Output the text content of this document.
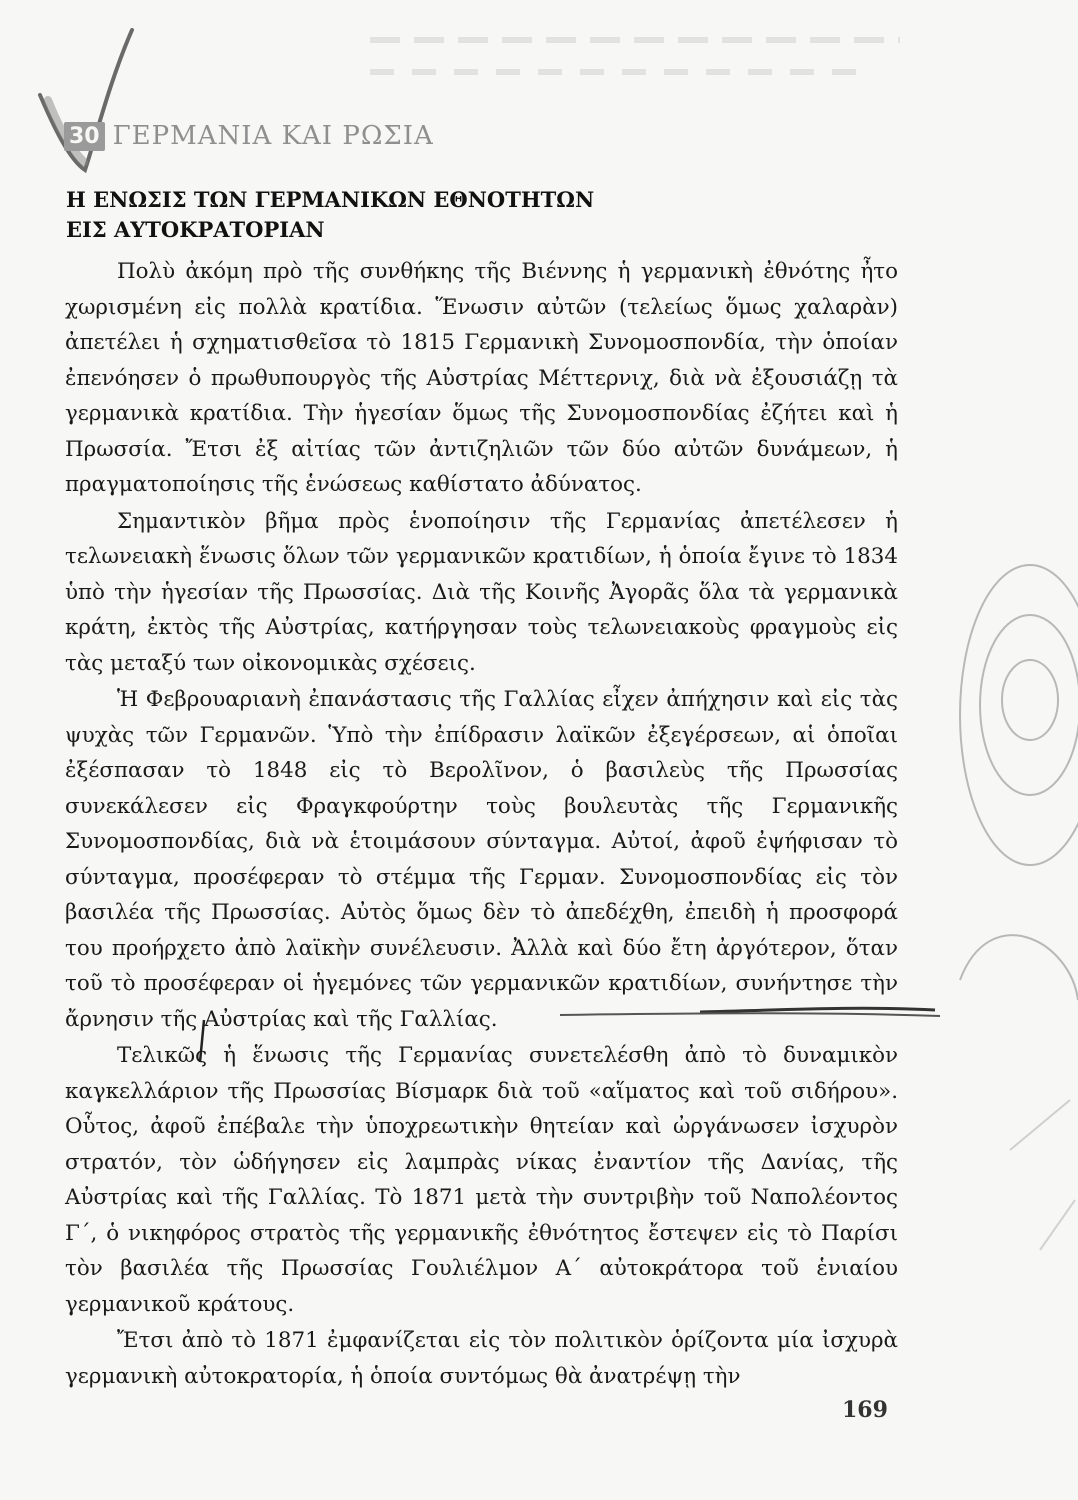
30 ΓΕΡΜΑΝΙΑ ΚΑΙ ΡΩΣΙΑ
Η ΕΝΩΣΙΣ ΤΩΝ ΓΕΡΜΑΝΙΚΩΝ ΕΘΝΟΤΗΤΩΝ
ΕΙΣ ΑΥΤΟΚΡΑΤΟΡΙΑΝ

Πολὺ ἀκόμη πρὸ τῆς συνθήκης τῆς Βιέννης ἡ γερμανικὴ ἐθνότης ἦτο χωρισμένη εἰς πολλὰ κρατίδια. Ἕνωσιν αὐτῶν (τελείως ὅμως χαλαρὰν) ἀπετέλει ἡ σχηματισθεῖσα τὸ 1815 Γερμανικὴ Συνομοσπονδία, τὴν ὁποίαν ἐπενόησεν ὁ πρωθυπουργὸς τῆς Αὐστρίας Μέττερνιχ, διὰ νὰ ἐξουσιάζῃ τὰ γερμανικὰ κρατίδια. Τὴν ἡγεσίαν ὅμως τῆς Συνομοσπονδίας ἐζήτει καὶ ἡ Πρωσσία. Ἔτσι ἐξ αἰτίας τῶν ἀντιζηλιῶν τῶν δύο αὐτῶν δυνάμεων, ἡ πραγματοποίησις τῆς ἑνώσεως καθίστατο ἀδύνατος.

Σημαντικὸν βῆμα πρὸς ἑνοποίησιν τῆς Γερμανίας ἀπετέλεσεν ἡ τελωνειακὴ ἕνωσις ὅλων τῶν γερμανικῶν κρατιδίων, ἡ ὁποία ἔγινε τὸ 1834 ὑπὸ τὴν ἡγεσίαν τῆς Πρωσσίας. Διὰ τῆς Κοινῆς Ἀγορᾶς ὅλα τὰ γερμανικὰ κράτη, ἐκτὸς τῆς Αὐστρίας, κατήργησαν τοὺς τελωνειακοὺς φραγμοὺς εἰς τὰς μεταξύ των οἰκονομικὰς σχέσεις.

Ἡ Φεβρουαριανὴ ἐπανάστασις τῆς Γαλλίας εἶχεν ἀπήχησιν καὶ εἰς τὰς ψυχὰς τῶν Γερμανῶν. Ὑπὸ τὴν ἐπίδρασιν λαϊκῶν ἐξεγέρσεων, αἱ ὁποῖαι ἐξέσπασαν τὸ 1848 εἰς τὸ Βερολῖνον, ὁ βασιλεὺς τῆς Πρωσσίας συνεκάλεσεν εἰς Φραγκφούρτην τοὺς βουλευτὰς τῆς Γερμανικῆς Συνομοσπονδίας, διὰ νὰ ἑτοιμάσουν σύνταγμα. Αὐτοί, ἀφοῦ ἐψήφισαν τὸ σύνταγμα, προσέφεραν τὸ στέμμα τῆς Γερμαν. Συνομοσπονδίας εἰς τὸν βασιλέα τῆς Πρωσσίας. Αὐτὸς ὅμως δὲν τὸ ἀπεδέχθη, ἐπειδὴ ἡ προσφορά του προήρχετο ἀπὸ λαϊκὴν συνέλευσιν. Ἀλλὰ καὶ δύο ἔτη ἀργότερον, ὅταν τοῦ τὸ προσέφεραν οἱ ἡγεμόνες τῶν γερμανικῶν κρατιδίων, συνήντησε τὴν ἄρνησιν τῆς Αὐστρίας καὶ τῆς Γαλλίας.

Τελικῶς ἡ ἕνωσις τῆς Γερμανίας συνετελέσθη ἀπὸ τὸ δυναμικὸν καγκελλάριον τῆς Πρωσσίας Βίσμαρκ διὰ τοῦ «αἵματος καὶ τοῦ σιδήρου». Οὗτος, ἀφοῦ ἐπέβαλε τὴν ὑποχρεωτικὴν θητείαν καὶ ὠργάνωσεν ἰσχυρὸν στρατόν, τὸν ὡδήγησεν εἰς λαμπρὰς νίκας ἐναντίον τῆς Δανίας, τῆς Αὐστρίας καὶ τῆς Γαλλίας. Τὸ 1871 μετὰ τὴν συντριβὴν τοῦ Ναπολέοντος Γ΄, ὁ νικηφόρος στρατὸς τῆς γερμανικῆς ἐθνότητος ἔστεψεν εἰς τὸ Παρίσι τὸν βασιλέα τῆς Πρωσσίας Γουλιέλμον Α΄ αὐτοκράτορα τοῦ ἑνιαίου γερμανικοῦ κράτους.

Ἔτσι ἀπὸ τὸ 1871 ἐμφανίζεται εἰς τὸν πολιτικὸν ὁρίζοντα μία ἰσχυρὰ γερμανικὴ αὐτοκρατορία, ἡ ὁποία συντόμως θὰ ἀνατρέψῃ τὴν

169
